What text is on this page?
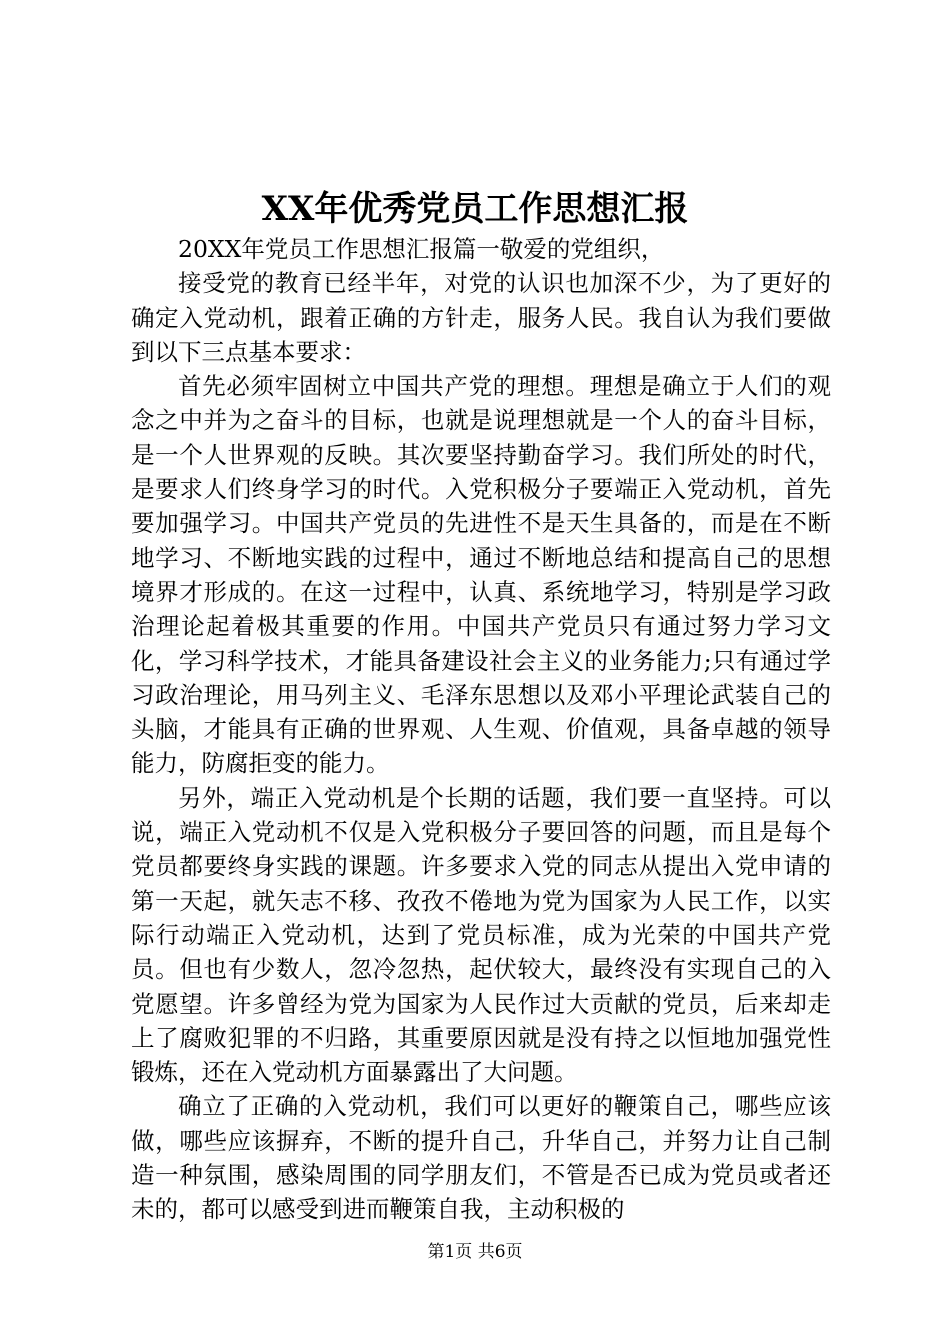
XX年优秀党员工作思想汇报

20XX年党员工作思想汇报篇一敬爱的党组织，

接受党的教育已经半年，对党的认识也加深不少，为了更好的确定入党动机，跟着正确的方针走，服务人民。我自认为我们要做到以下三点基本要求：

首先必须牢固树立中国共产党的理想。理想是确立于人们的观念之中并为之奋斗的目标，也就是说理想就是一个人的奋斗目标，是一个人世界观的反映。其次要坚持勤奋学习。我们所处的时代，是要求人们终身学习的时代。入党积极分子要端正入党动机，首先要加强学习。中国共产党员的先进性不是天生具备的，而是在不断地学习、不断地实践的过程中，通过不断地总结和提高自己的思想境界才形成的。在这一过程中，认真、系统地学习，特别是学习政治理论起着极其重要的作用。中国共产党员只有通过努力学习文化，学习科学技术，才能具备建设社会主义的业务能力;只有通过学习政治理论，用马列主义、毛泽东思想以及邓小平理论武装自己的头脑，才能具有正确的世界观、人生观、价值观，具备卓越的领导能力，防腐拒变的能力。

另外，端正入党动机是个长期的话题，我们要一直坚持。可以说，端正入党动机不仅是入党积极分子要回答的问题，而且是每个党员都要终身实践的课题。许多要求入党的同志从提出入党申请的第一天起，就矢志不移、孜孜不倦地为党为国家为人民工作，以实际行动端正入党动机，达到了党员标准，成为光荣的中国共产党员。但也有少数人，忽冷忽热，起伏较大，最终没有实现自己的入党愿望。许多曾经为党为国家为人民作过大贡献的党员，后来却走上了腐败犯罪的不归路，其重要原因就是没有持之以恒地加强党性锻炼，还在入党动机方面暴露出了大问题。

确立了正确的入党动机，我们可以更好的鞭策自己，哪些应该做，哪些应该摒弃，不断的提升自己，升华自己，并努力让自己制造一种氛围，感染周围的同学朋友们，不管是否已成为党员或者还未的，都可以感受到进而鞭策自我，主动积极的

第1页 共6页
